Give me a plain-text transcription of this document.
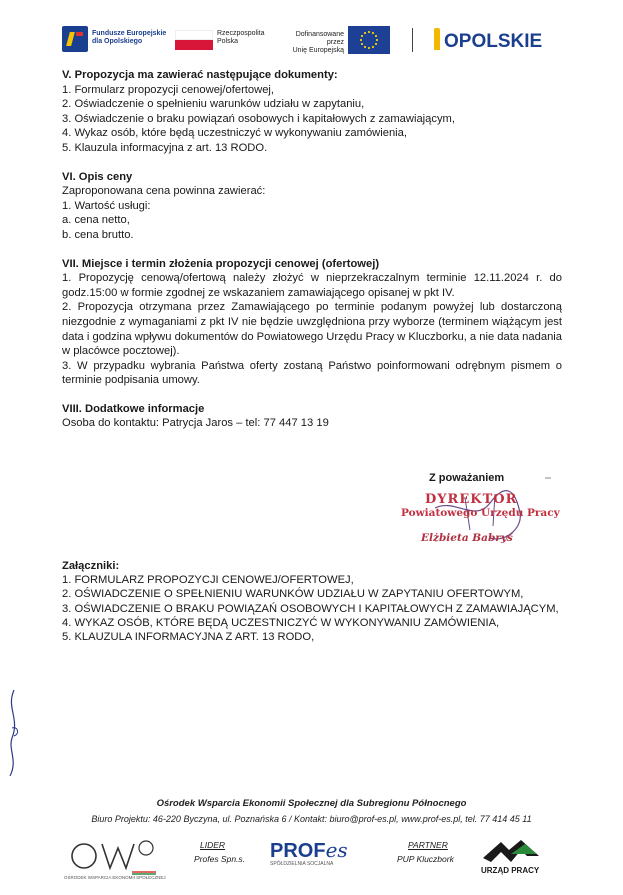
Fundusze Europejskie
dla Opolskiego
Rzeczpospolita
Polska
Dofinansowane przez
Unię Europejską	OPOLSKIE

V. Propozycja ma zawierać następujące dokumenty:

1. Formularz propozycji cenowej/ofertowej,

2. Oświadczenie o spełnieniu warunków udziału w zapytaniu,

3. Oświadczenie o braku powiązań osobowych i kapitałowych z zamawiającym,

4. Wykaz osób, które będą uczestniczyć w wykonywaniu zamówienia,

5. Klauzula informacyjna z art. 13 RODO.

VI. Opis ceny

Zaproponowana cena powinna zawierać:

1. Wartość usługi:

a. cena netto,

b. cena brutto.

VII. Miejsce i termin złożenia propozycji cenowej (ofertowej)

1. Propozycję cenową/ofertową należy złożyć w nieprzekraczalnym terminie 12.11.2024 r. do godz.15:00 w formie zgodnej ze wskazaniem zamawiającego opisanej w pkt IV.

2. Propozycja otrzymana przez Zamawiającego po terminie podanym powyżej lub dostarczoną niezgodnie z wymaganiami z pkt IV nie będzie uwzględniona przy wyborze (terminem wiążącym jest data i godzina wpływu dokumentów do Powiatowego Urzędu Pracy w Kluczborku, a nie data nadania w placówce pocztowej).

3. W przypadku wybrania Państwa oferty zostaną Państwo poinformowani odrębnym pismem o terminie podpisania umowy.

VIII. Dodatkowe informacje

Osoba do kontaktu: Patrycja Jaros – tel: 77 447 13 19

Z poważaniem
DYREKTOR
Powiatowego Urzędu Pracy
Elżbieta Babryś

Załączniki:

1. FORMULARZ PROPOZYCJI CENOWEJ/OFERTOWEJ,

2. OŚWIADCZENIE O SPEŁNIENIU WARUNKÓW UDZIAŁU W ZAPYTANIU OFERTOWYM,

3. OŚWIADCZENIE O BRAKU POWIĄZAŃ OSOBOWYCH I KAPITAŁOWYCH Z ZAMAWIAJĄCYM,

4. WYKAZ OSÓB, KTÓRE BĘDĄ UCZESTNICZYĆ W WYKONYWANIU ZAMÓWIENIA,

5. KLAUZULA INFORMACYJNA Z ART. 13 RODO,

Ośrodek Wsparcia Ekonomii Społecznej dla Subregionu Północnego
Biuro Projektu: 46-220 Byczyna, ul. Poznańska 6 / Kontakt: biuro@prof-es.pl, www.prof-es.pl, tel. 77 414 45 11
OŚRODEK WSPARCIA EKONOMII SPOŁECZNEJ
LIDER
Profes Spn.s. PROFes
SPÓŁDZIELNIA SOCJALNA
PARTNER
PUP Kluczbork
URZĄD PRACY
